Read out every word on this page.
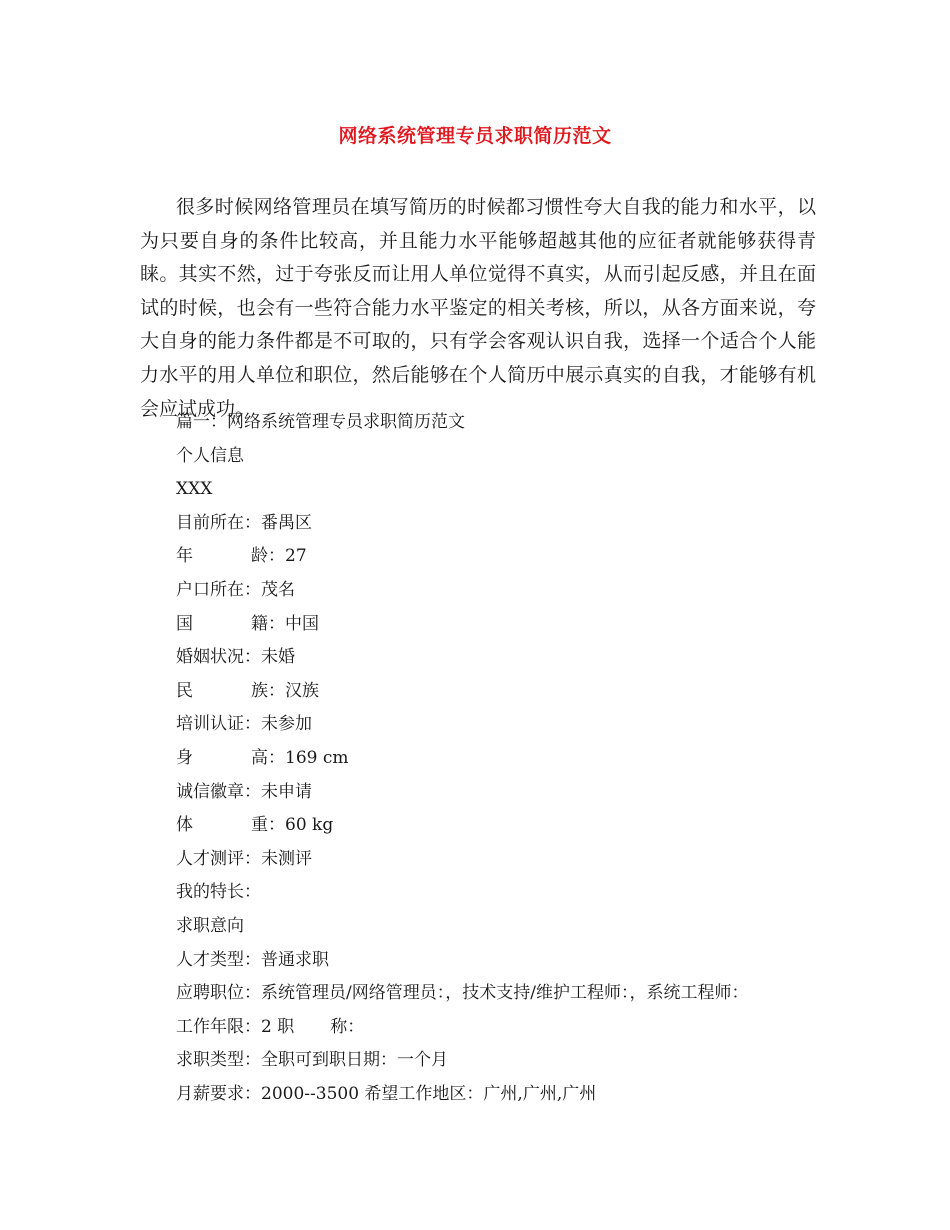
网络系统管理专员求职简历范文

很多时候网络管理员在填写简历的时候都习惯性夸大自我的能力和水平，以为只要自身的条件比较高，并且能力水平能够超越其他的应征者就能够获得青睐。其实不然，过于夸张反而让用人单位觉得不真实，从而引起反感，并且在面试的时候，也会有一些符合能力水平鉴定的相关考核，所以，从各方面来说，夸大自身的能力条件都是不可取的，只有学会客观认识自我，选择一个适合个人能力水平的用人单位和职位，然后能够在个人简历中展示真实的自我，才能够有机会应试成功。

篇一：网络系统管理专员求职简历范文
个人信息
XXX
目前所在：番禺区
年	龄：27
户口所在：茂名
国	籍：中国
婚姻状况：未婚
民	族：汉族
培训认证：未参加
身	高：169 cm
诚信徽章：未申请
体	重：60 kg
人才测评：未测评
我的特长：
求职意向
人才类型：普通求职
应聘职位：系统管理员/网络管理员：，技术支持/维护工程师：，系统工程师：
工作年限：2 职 称：
求职类型：全职可到职日期：一个月
月薪要求：2000--3500 希望工作地区：广州,广州,广州
